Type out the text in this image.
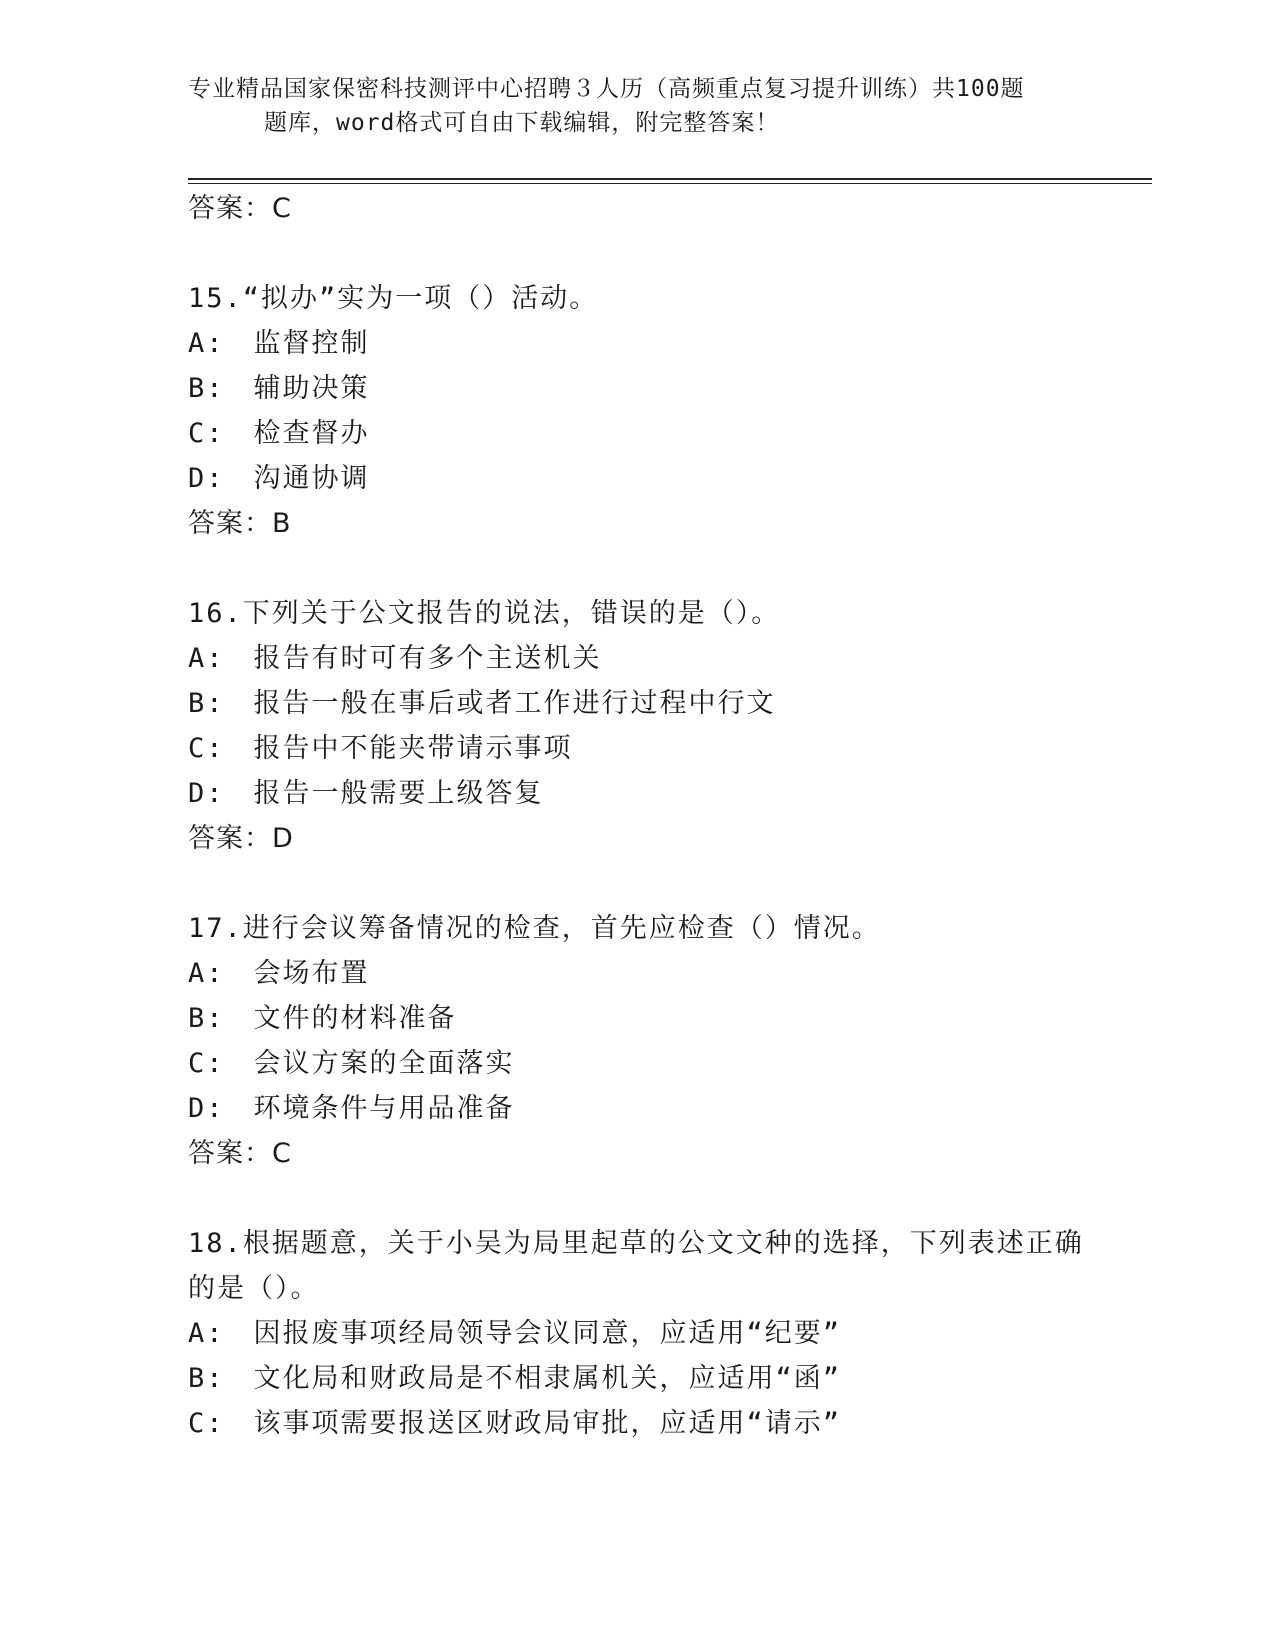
专业精品国家保密科技测评中心招聘３人历（高频重点复习提升训练）共100题
题库，word格式可自由下载编辑，附完整答案！
答案：C
15.“拟办”实为一项（）活动。
A:　监督控制
B:　辅助决策
C:　检查督办
D:　沟通协调
答案：B
16.下列关于公文报告的说法，错误的是（）。
A:　报告有时可有多个主送机关
B:　报告一般在事后或者工作进行过程中行文
C:　报告中不能夹带请示事项
D:　报告一般需要上级答复
答案：D
17.进行会议筹备情况的检查，首先应检查（）情况。
A:　会场布置
B:　文件的材料准备
C:　会议方案的全面落实
D:　环境条件与用品准备
答案：C
18.根据题意，关于小吴为局里起草的公文文种的选择，下列表述正确
的是（）。
A:　因报废事项经局领导会议同意，应适用“纪要”
B:　文化局和财政局是不相隶属机关，应适用“函”
C:　该事项需要报送区财政局审批，应适用“请示”
